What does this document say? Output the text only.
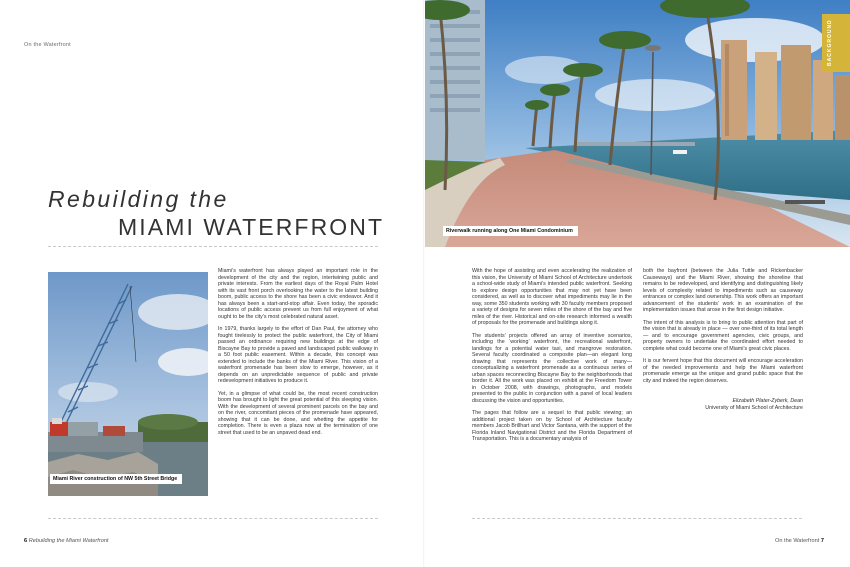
On the Waterfront
Rebuilding the
MIAMI WATERFRONT
Miami River construction of NW 5th Street Bridge

Miami’s waterfront has always played an important role in the development of the city and the region, intertwining public and private interests. From the earliest days of the Royal Palm Hotel with its vast front porch overlooking the water to the latest building boom, public access to the shore has been a civic endeavor. And it has always been a start-and-stop affair. Even today, the sporadic locations of public access prevent us from full enjoyment of what ought to be the city’s most celebrated natural asset.

In 1979, thanks largely to the effort of Dan Paul, the attorney who fought tirelessly to protect the public waterfront, the City of Miami passed an ordinance requiring new buildings at the edge of Biscayne Bay to provide a paved and landscaped public walkway in a 50 foot public easement. Within a decade, this concept was extended to include the banks of the Miami River. This vision of a waterfront promenade has been slow to emerge, however, as it depends on an unpredictable sequence of public and private redevelopment initiatives to produce it.

Yet, in a glimpse of what could be, the most recent construction boom has brought to light the great potential of this sleeping vision. With the development of several prominent parcels on the bay and on the river, concomitant pieces of the promenade have appeared, showing that it can be done, and whetting the appetite for completion. There is even a plaza now at the termination of one street that used to be an unpaved dead end.

6 Rebuilding the Miami Waterfront
Riverwalk running along One Miami Condominium
BACKGROUND

With the hope of assisting and even accelerating the realization of this vision, the University of Miami School of Architecture undertook a school-wide study of Miami’s intended public waterfront. Seeking to explore design opportunities that may not yet have been considered, as well as to discover what impediments may lie in the way, some 350 students working with 30 faculty members proposed a variety of designs for seven miles of the shore of the bay and five miles of the river. Historical and on-site research informed a wealth of proposals for the promenade and buildings along it.

The students’ projects offered an array of inventive scenarios, including the ‘working’ waterfront, the recreational waterfront, landings for a potential water taxi, and mangrove restoration. Several faculty coordinated a composite plan—an elegant long drawing that represents the collective work of many—conceptualizing a waterfront promenade as a continuous series of urban spaces reconnecting Biscayne Bay to the neighborhoods that border it. All the work was placed on exhibit at the Freedom Tower in October 2008, with drawings, photographs, and models presented to the public in conjunction with a panel of local leaders discussing the vision and opportunities.

The pages that follow are a sequel to that public viewing; an additional project taken on by School of Architecture faculty members Jacob Brillhart and Victor Santana, with the support of the Florida Inland Navigational District and the Florida Department of Transportation. This is a documentary analysis of

both the bayfront (between the Julia Tuttle and Rickenbacker Causeways) and the Miami River, showing the shoreline that remains to be redeveloped, and identifying and distinguishing likely levels of complexity related to impediments such as causeway entrances or complex land ownership. This work offers an important advancement of the students’ work in an examination of the implementation issues that arose in the first design initiative.

The intent of this analysis is to bring to public attention that part of the vision that is already in place — over one-third of its total length — and to encourage government agencies, civic groups, and property owners to undertake the coordinated effort needed to complete what could become one of Miami’s great civic places.

It is our fervent hope that this document will encourage acceleration of the needed improvements and help the Miami waterfront promenade emerge as the unique and grand public space that the city and indeed the region deserves.

Elizabeth Plater-Zyberk, Dean
University of Miami School of Architecture
On the Waterfront 7
